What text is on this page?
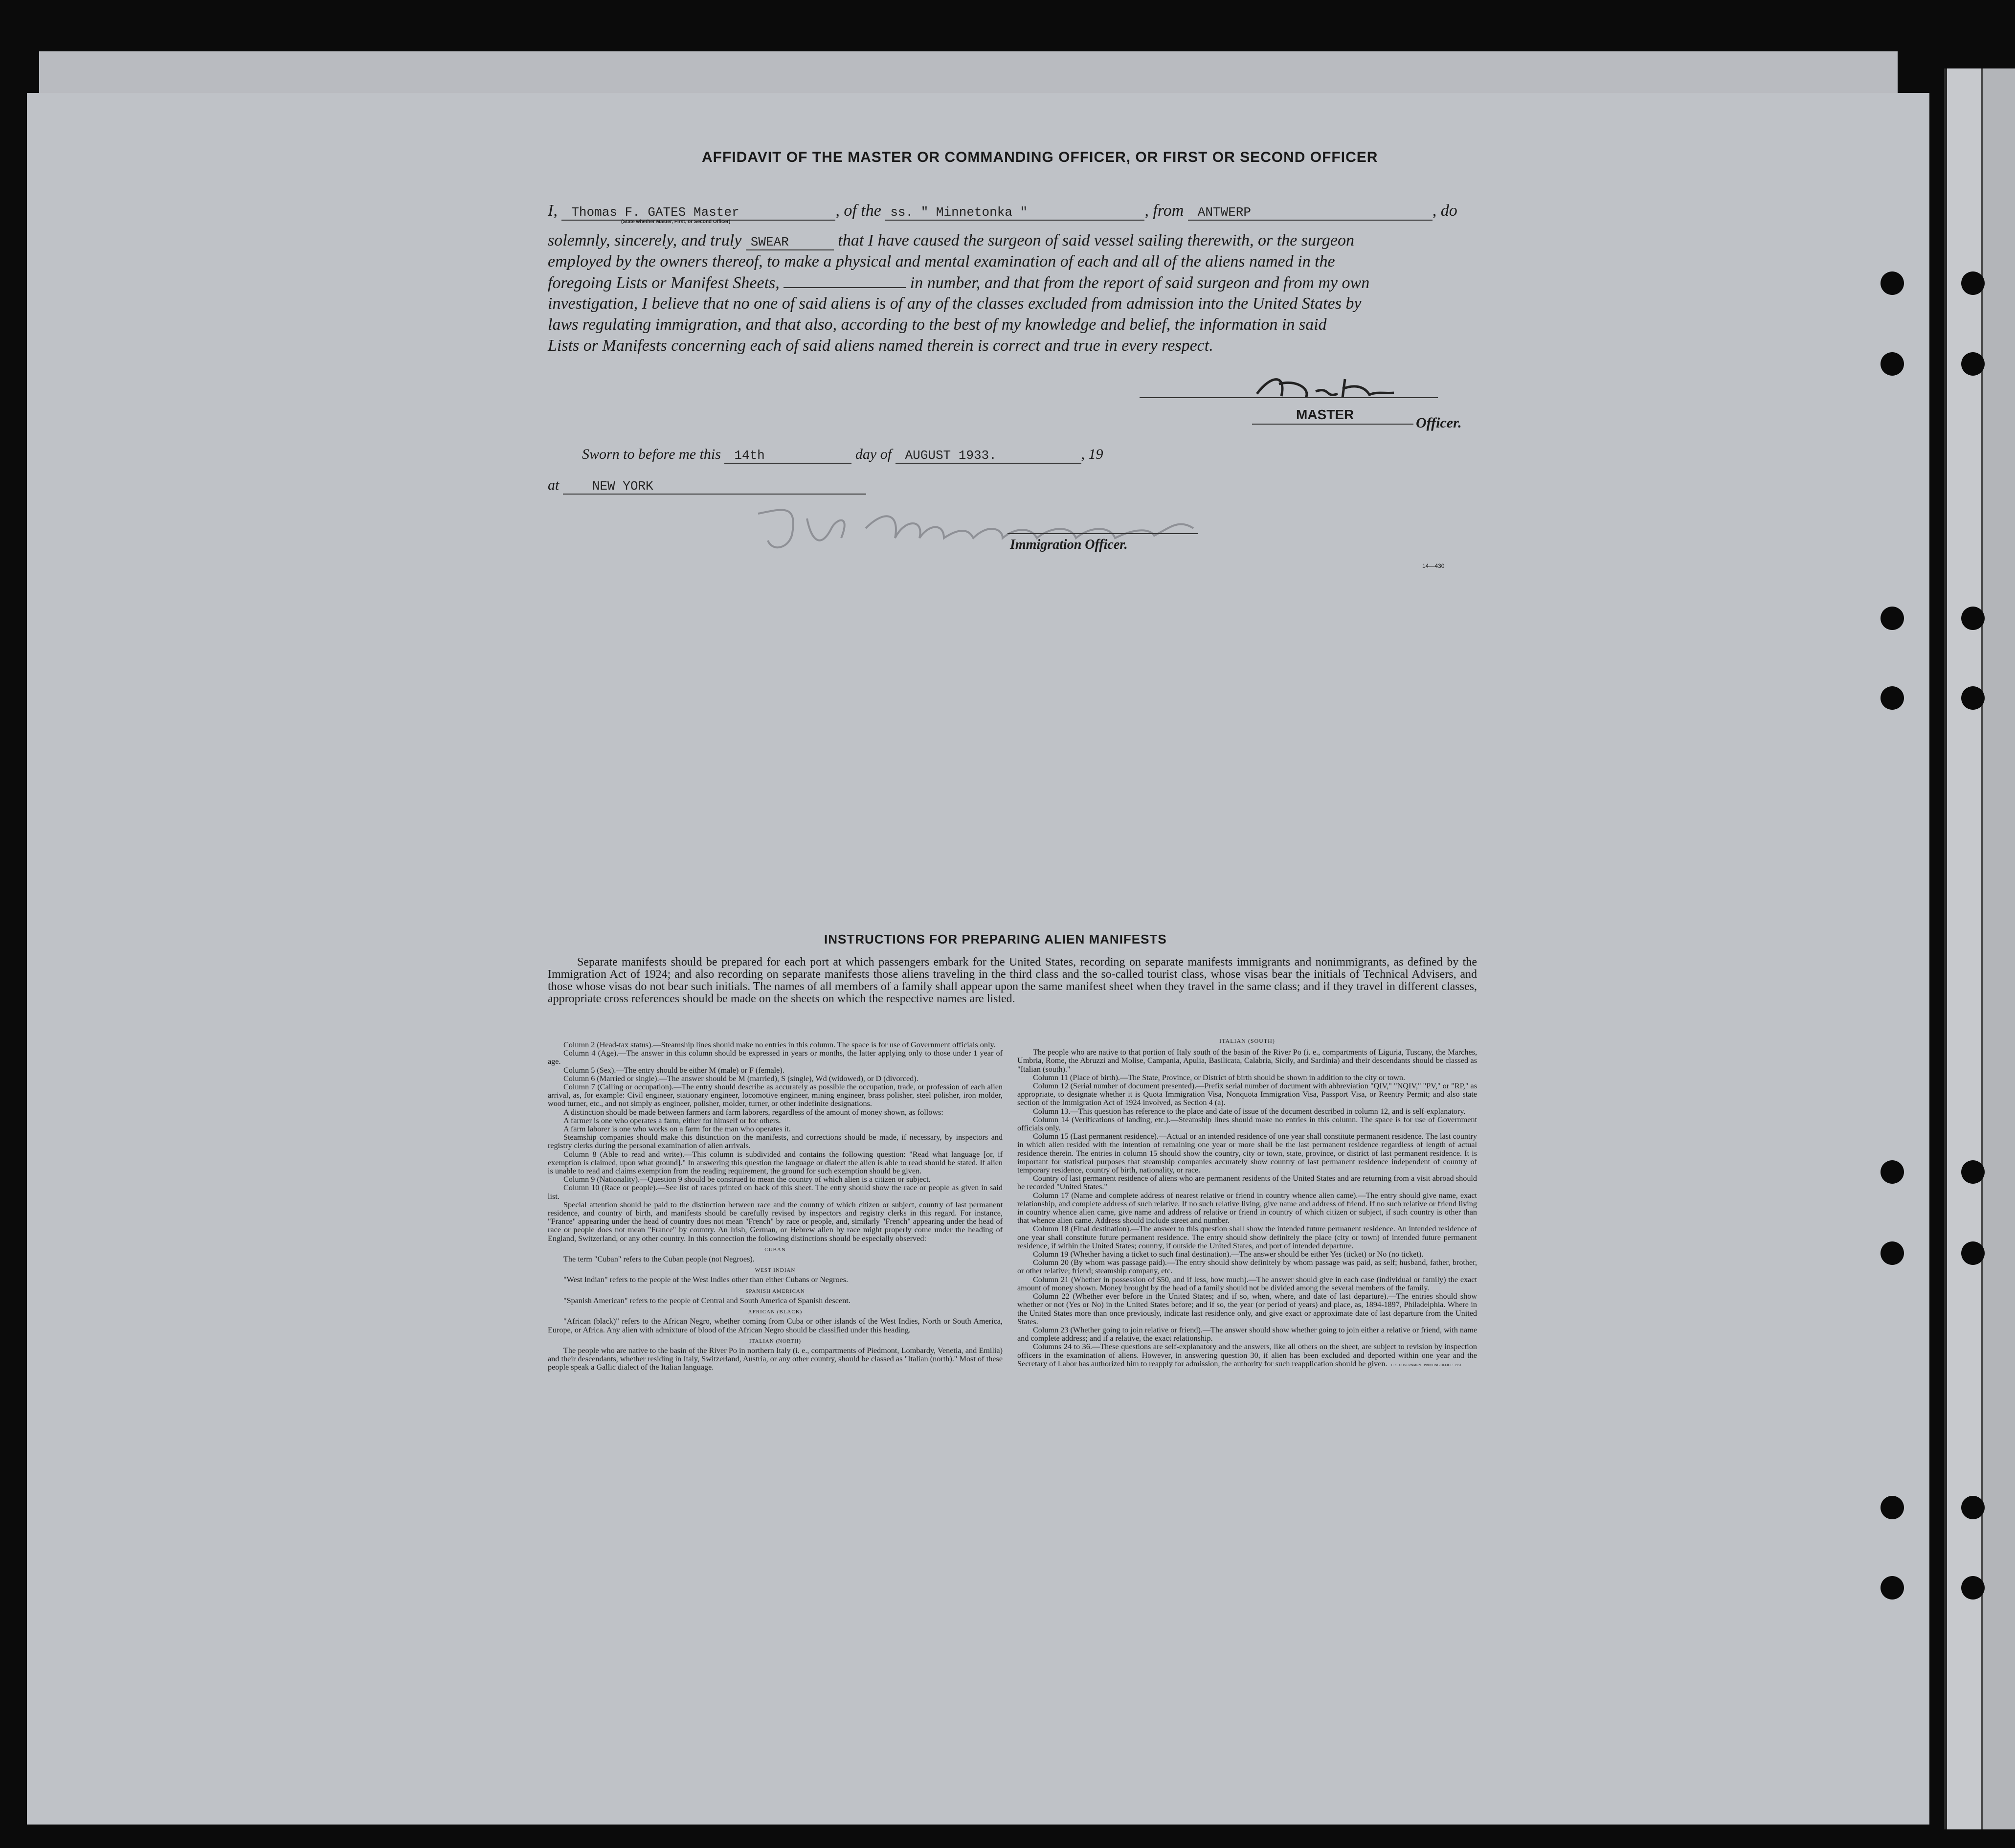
AFFIDAVIT OF THE MASTER OR COMMANDING OFFICER, OR FIRST OR SECOND OFFICER
I, Thomas F. GATES Master	, of the ss. " Minnetonka "	, from ANTWERP	, do
(State whether Master, First, or Second Officer)
solemnly, sincerely, and truly SWEAR	that I have caused the surgeon of said vessel sailing therewith, or the surgeon
employed by the owners thereof, to make a physical and mental examination of each and all of the aliens named in the
foregoing Lists or Manifest Sheets,	in number, and that from the report of said surgeon and from my own
investigation, I believe that no one of said aliens is of any of the classes excluded from admission into the United States by
laws regulating immigration, and that also, according to the best of my knowledge and belief, the information in said
Lists or Manifests concerning each of said aliens named therein is correct and true in every respect.
MASTER
Officer.
Sworn to before me this 14th	day of AUGUST 1933.	, 19
at	NEW YORK
Immigration Officer.
14—430
INSTRUCTIONS FOR PREPARING ALIEN MANIFESTS
Separate manifests should be prepared for each port at which passengers embark for the United States, recording on separate manifests immigrants and nonimmigrants, as defined by the Immigration Act of 1924; and also recording on separate manifests those aliens traveling in the third class and the so-called tourist class, whose visas bear the initials of Technical Advisers, and those whose visas do not bear such initials. The names of all members of a family shall appear upon the same manifest sheet when they travel in the same class; and if they travel in different classes, appropriate cross references should be made on the sheets on which the respective names are listed.

Column 2 (Head-tax status).—Steamship lines should make no entries in this column. The space is for use of Government officials only.

Column 4 (Age).—The answer in this column should be expressed in years or months, the latter applying only to those under 1 year of age.

Column 5 (Sex).—The entry should be either M (male) or F (female).

Column 6 (Married or single).—The answer should be M (married), S (single), Wd (widowed), or D (divorced).

Column 7 (Calling or occupation).—The entry should describe as accurately as possible the occupation, trade, or profession of each alien arrival, as, for example: Civil engineer, stationary engineer, locomotive engineer, mining engineer, brass polisher, steel polisher, iron molder, wood turner, etc., and not simply as engineer, polisher, molder, turner, or other indefinite designations.

A distinction should be made between farmers and farm laborers, regardless of the amount of money shown, as follows:

A farmer is one who operates a farm, either for himself or for others.

A farm laborer is one who works on a farm for the man who operates it.

Steamship companies should make this distinction on the manifests, and corrections should be made, if necessary, by inspectors and registry clerks during the personal examination of alien arrivals.

Column 8 (Able to read and write).—This column is subdivided and contains the following question: "Read what language [or, if exemption is claimed, upon what ground]." In answering this question the language or dialect the alien is able to read should be stated. If alien is unable to read and claims exemption from the reading requirement, the ground for such exemption should be given.

Column 9 (Nationality).—Question 9 should be construed to mean the country of which alien is a citizen or subject.

Column 10 (Race or people).—See list of races printed on back of this sheet. The entry should show the race or people as given in said list.

Special attention should be paid to the distinction between race and the country of which citizen or subject, country of last permanent residence, and country of birth, and manifests should be carefully revised by inspectors and registry clerks in this regard. For instance, "France" appearing under the head of country does not mean "French" by race or people, and, similarly "French" appearing under the head of race or people does not mean "France" by country. An Irish, German, or Hebrew alien by race might properly come under the heading of England, Switzerland, or any other country. In this connection the following distinctions should be especially observed:

CUBAN

The term "Cuban" refers to the Cuban people (not Negroes).

WEST INDIAN

"West Indian" refers to the people of the West Indies other than either Cubans or Negroes.

SPANISH AMERICAN

"Spanish American" refers to the people of Central and South America of Spanish descent.

AFRICAN (BLACK)

"African (black)" refers to the African Negro, whether coming from Cuba or other islands of the West Indies, North or South America, Europe, or Africa. Any alien with admixture of blood of the African Negro should be classified under this heading.

ITALIAN (NORTH)

The people who are native to the basin of the River Po in northern Italy (i. e., compartments of Piedmont, Lombardy, Venetia, and Emilia) and their descendants, whether residing in Italy, Switzerland, Austria, or any other country, should be classed as "Italian (north)." Most of these people speak a Gallic dialect of the Italian language.

ITALIAN (SOUTH)

The people who are native to that portion of Italy south of the basin of the River Po (i. e., compartments of Liguria, Tuscany, the Marches, Umbria, Rome, the Abruzzi and Molise, Campania, Apulia, Basilicata, Calabria, Sicily, and Sardinia) and their descendants should be classed as "Italian (south)."

Column 11 (Place of birth).—The State, Province, or District of birth should be shown in addition to the city or town.

Column 12 (Serial number of document presented).—Prefix serial number of document with abbreviation "QIV," "NQIV," "PV," or "RP," as appropriate, to designate whether it is Quota Immigration Visa, Nonquota Immigration Visa, Passport Visa, or Reentry Permit; and also state section of the Immigration Act of 1924 involved, as Section 4 (a).

Column 13.—This question has reference to the place and date of issue of the document described in column 12, and is self-explanatory.

Column 14 (Verifications of landing, etc.).—Steamship lines should make no entries in this column. The space is for use of Government officials only.

Column 15 (Last permanent residence).—Actual or an intended residence of one year shall constitute permanent residence. The last country in which alien resided with the intention of remaining one year or more shall be the last permanent residence regardless of length of actual residence therein. The entries in column 15 should show the country, city or town, state, province, or district of last permanent residence. It is important for statistical purposes that steamship companies accurately show country of last permanent residence independent of country of temporary residence, country of birth, nationality, or race.

Country of last permanent residence of aliens who are permanent residents of the United States and are returning from a visit abroad should be recorded "United States."

Column 17 (Name and complete address of nearest relative or friend in country whence alien came).—The entry should give name, exact relationship, and complete address of such relative. If no such relative living, give name and address of friend. If no such relative or friend living in country whence alien came, give name and address of relative or friend in country of which citizen or subject, if such country is other than that whence alien came. Address should include street and number.

Column 18 (Final destination).—The answer to this question shall show the intended future permanent residence. An intended residence of one year shall constitute future permanent residence. The entry should show definitely the place (city or town) of intended future permanent residence, if within the United States; country, if outside the United States, and port of intended departure.

Column 19 (Whether having a ticket to such final destination).—The answer should be either Yes (ticket) or No (no ticket).

Column 20 (By whom was passage paid).—The entry should show definitely by whom passage was paid, as self; husband, father, brother, or other relative; friend; steamship company, etc.

Column 21 (Whether in possession of $50, and if less, how much).—The answer should give in each case (individual or family) the exact amount of money shown. Money brought by the head of a family should not be divided among the several members of the family.

Column 22 (Whether ever before in the United States; and if so, when, where, and date of last departure).—The entries should show whether or not (Yes or No) in the United States before; and if so, the year (or period of years) and place, as, 1894-1897, Philadelphia. Where in the United States more than once previously, indicate last residence only, and give exact or approximate date of last departure from the United States.

Column 23 (Whether going to join relative or friend).—The answer should show whether going to join either a relative or friend, with name and complete address; and if a relative, the exact relationship.

Columns 24 to 36.—These questions are self-explanatory and the answers, like all others on the sheet, are subject to revision by inspection officers in the examination of aliens. However, in answering question 30, if alien has been excluded and deported within one year and the Secretary of Labor has authorized him to reapply for admission, the authority for such reapplication should be given. U. S. GOVERNMENT PRINTING OFFICE: 1933
